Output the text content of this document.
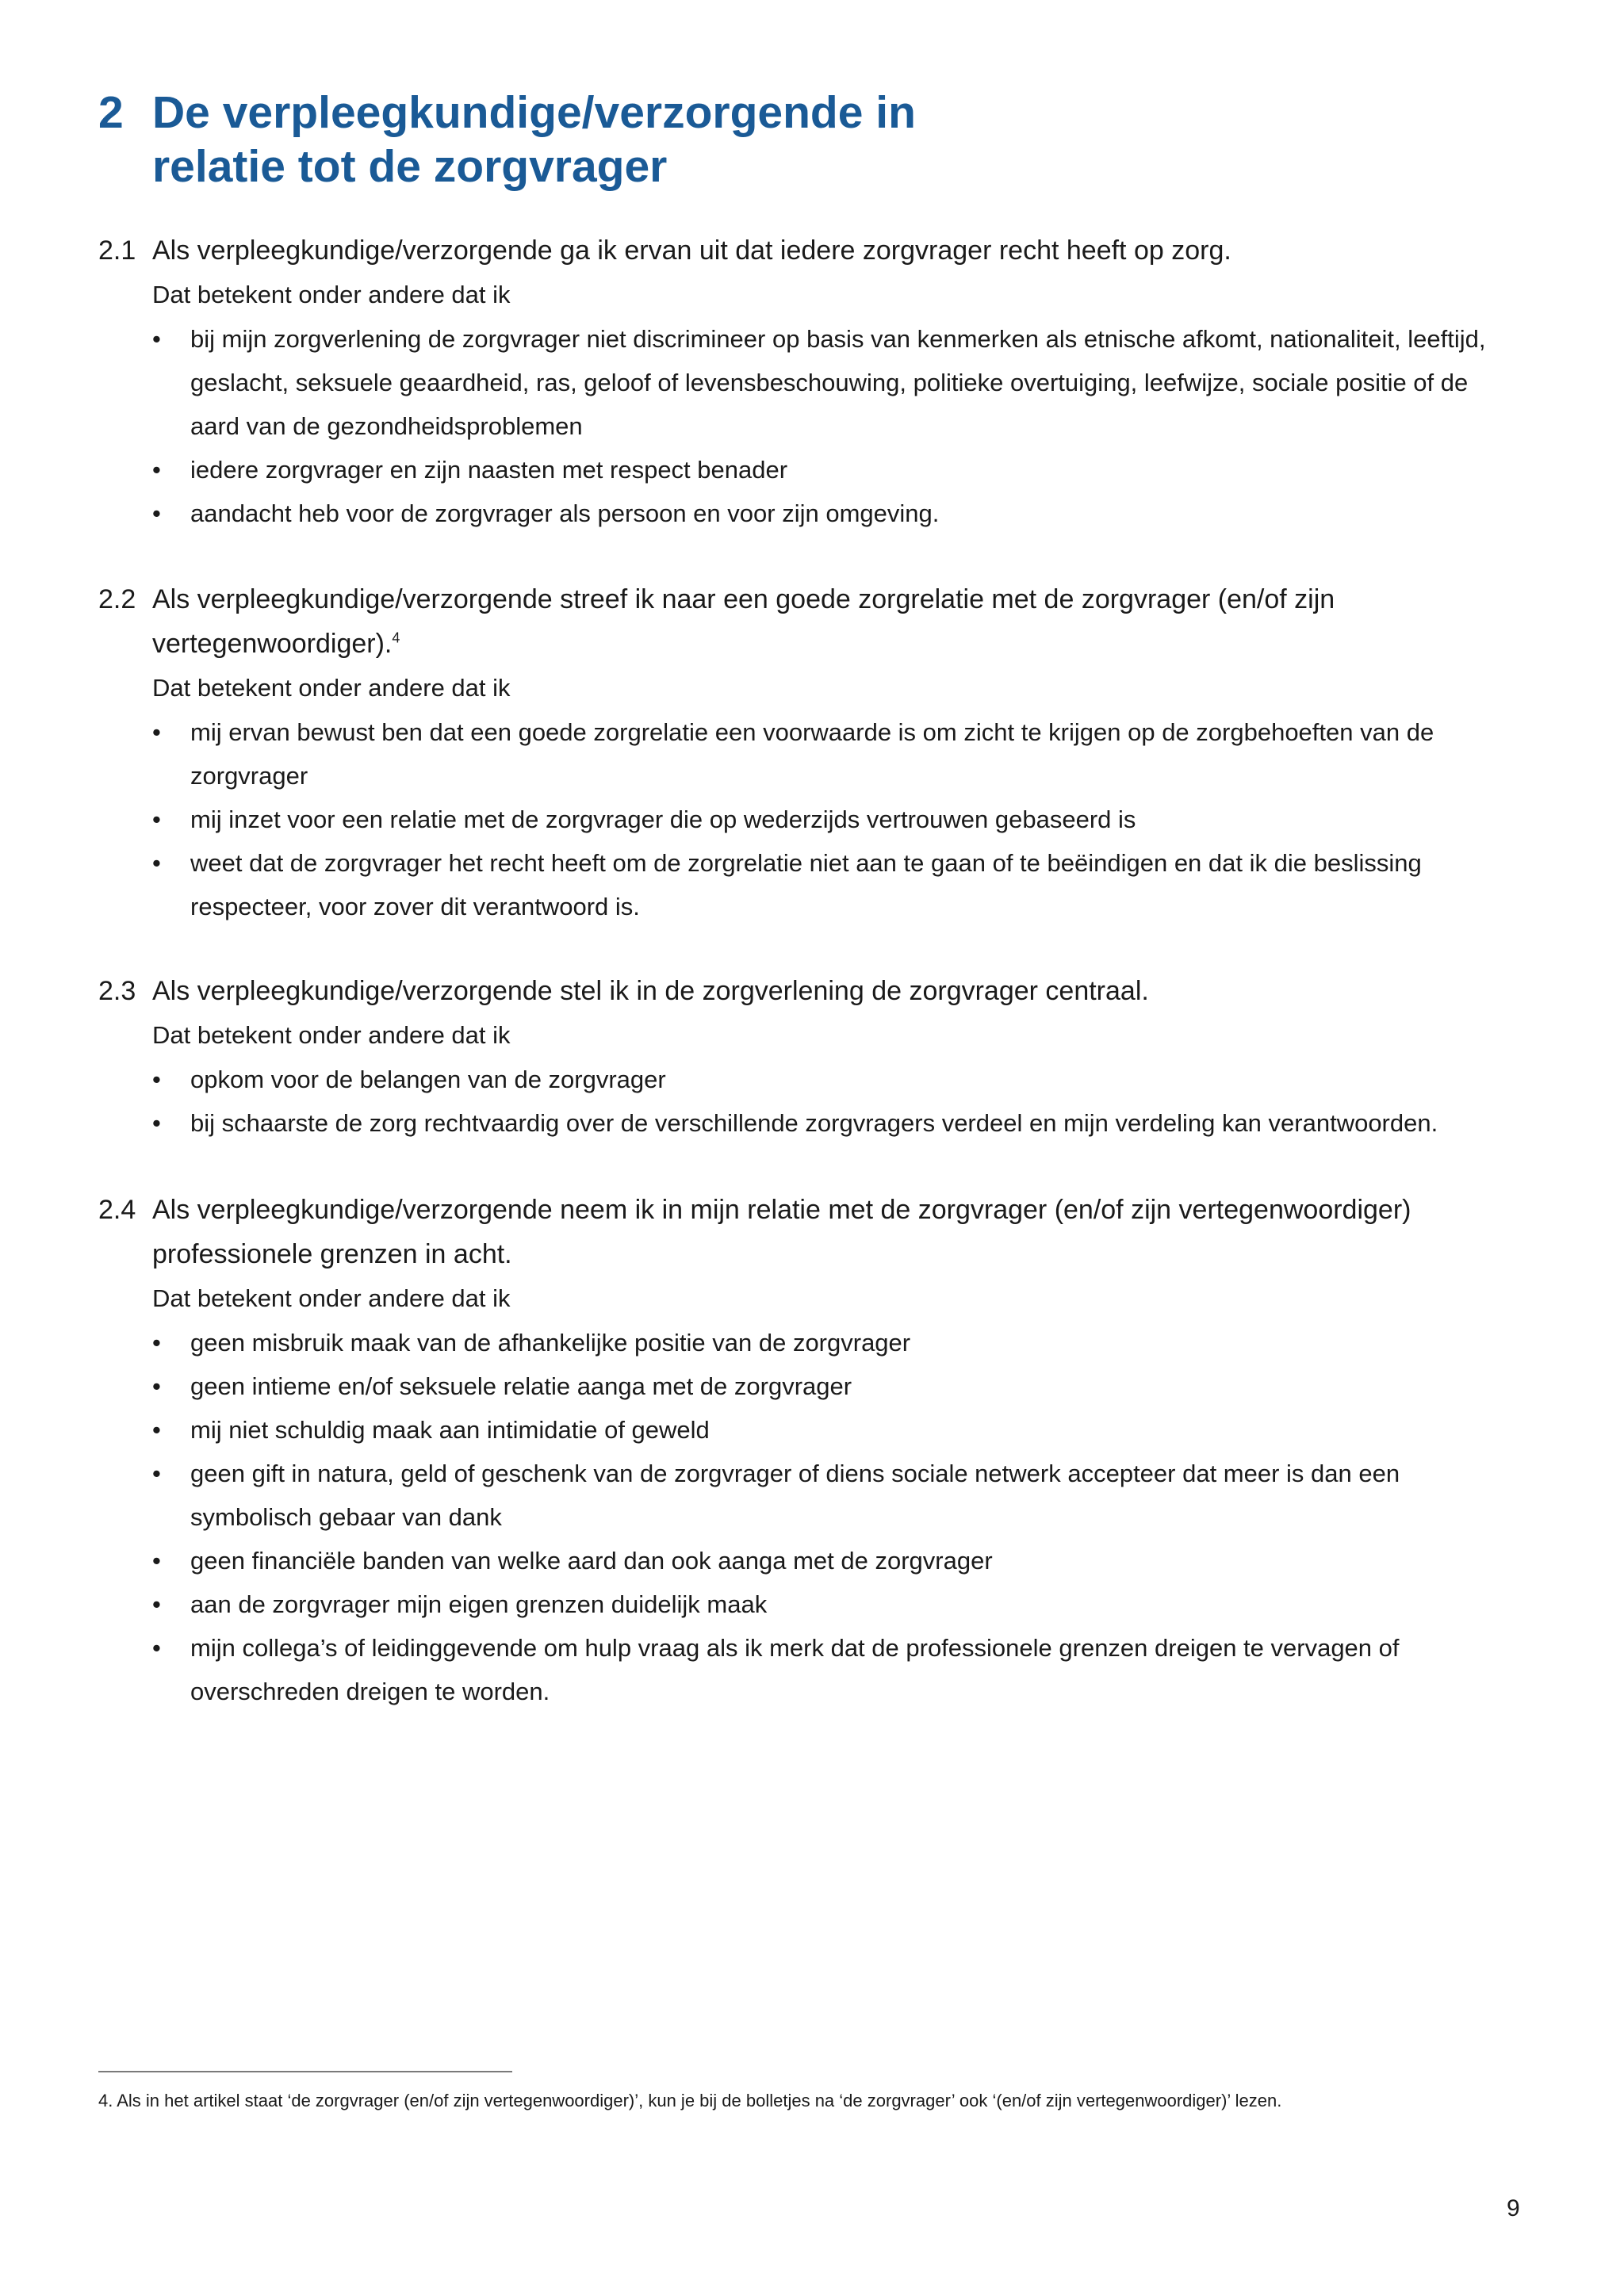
2 De verpleegkundige/verzorgende in
relatie tot de zorgvrager
2.1 Als verpleegkundige/verzorgende ga ik ervan uit dat iedere zorgvrager recht heeft op zorg.
Dat betekent onder andere dat ik
•	bij mijn zorgverlening de zorgvrager niet discrimineer op basis van kenmerken als etnische afkomt, nationaliteit, leeftijd, geslacht, seksuele geaardheid, ras, geloof of levensbeschouwing, politieke overtuiging, leefwijze, sociale positie of de aard van de gezondheidsproblemen
•	iedere zorgvrager en zijn naasten met respect benader
•	aandacht heb voor de zorgvrager als persoon en voor zijn omgeving.
2.2 Als verpleegkundige/verzorgende streef ik naar een goede zorgrelatie met de zorgvrager (en/of zijn vertegenwoordiger).$^4$
Dat betekent onder andere dat ik
•	mij ervan bewust ben dat een goede zorgrelatie een voorwaarde is om zicht te krijgen op de zorgbehoeften van de zorgvrager
•	mij inzet voor een relatie met de zorgvrager die op wederzijds vertrouwen gebaseerd is
•	weet dat de zorgvrager het recht heeft om de zorgrelatie niet aan te gaan of te beëindigen en dat ik die beslissing respecteer, voor zover dit verantwoord is.
2.3 Als verpleegkundige/verzorgende stel ik in de zorgverlening de zorgvrager centraal.
Dat betekent onder andere dat ik
•	opkom voor de belangen van de zorgvrager
•	bij schaarste de zorg rechtvaardig over de verschillende zorgvragers verdeel en mijn verdeling kan verantwoorden.
2.4 Als verpleegkundige/verzorgende neem ik in mijn relatie met de zorgvrager (en/of zijn vertegenwoordiger) professionele grenzen in acht.
Dat betekent onder andere dat ik
•	geen misbruik maak van de afhankelijke positie van de zorgvrager
•	geen intieme en/of seksuele relatie aanga met de zorgvrager
•	mij niet schuldig maak aan intimidatie of geweld
•	geen gift in natura, geld of geschenk van de zorgvrager of diens sociale netwerk accepteer dat meer is dan een symbolisch gebaar van dank
•	geen financiële banden van welke aard dan ook aanga met de zorgvrager
•	aan de zorgvrager mijn eigen grenzen duidelijk maak
•	mijn collega’s of leidinggevende om hulp vraag als ik merk dat de professionele grenzen dreigen te vervagen of overschreden dreigen te worden.
4. Als in het artikel staat ‘de zorgvrager (en/of zijn vertegenwoordiger)’, kun je bij de bolletjes na ‘de zorgvrager’ ook ‘(en/of zijn vertegenwoordiger)’ lezen.
9
